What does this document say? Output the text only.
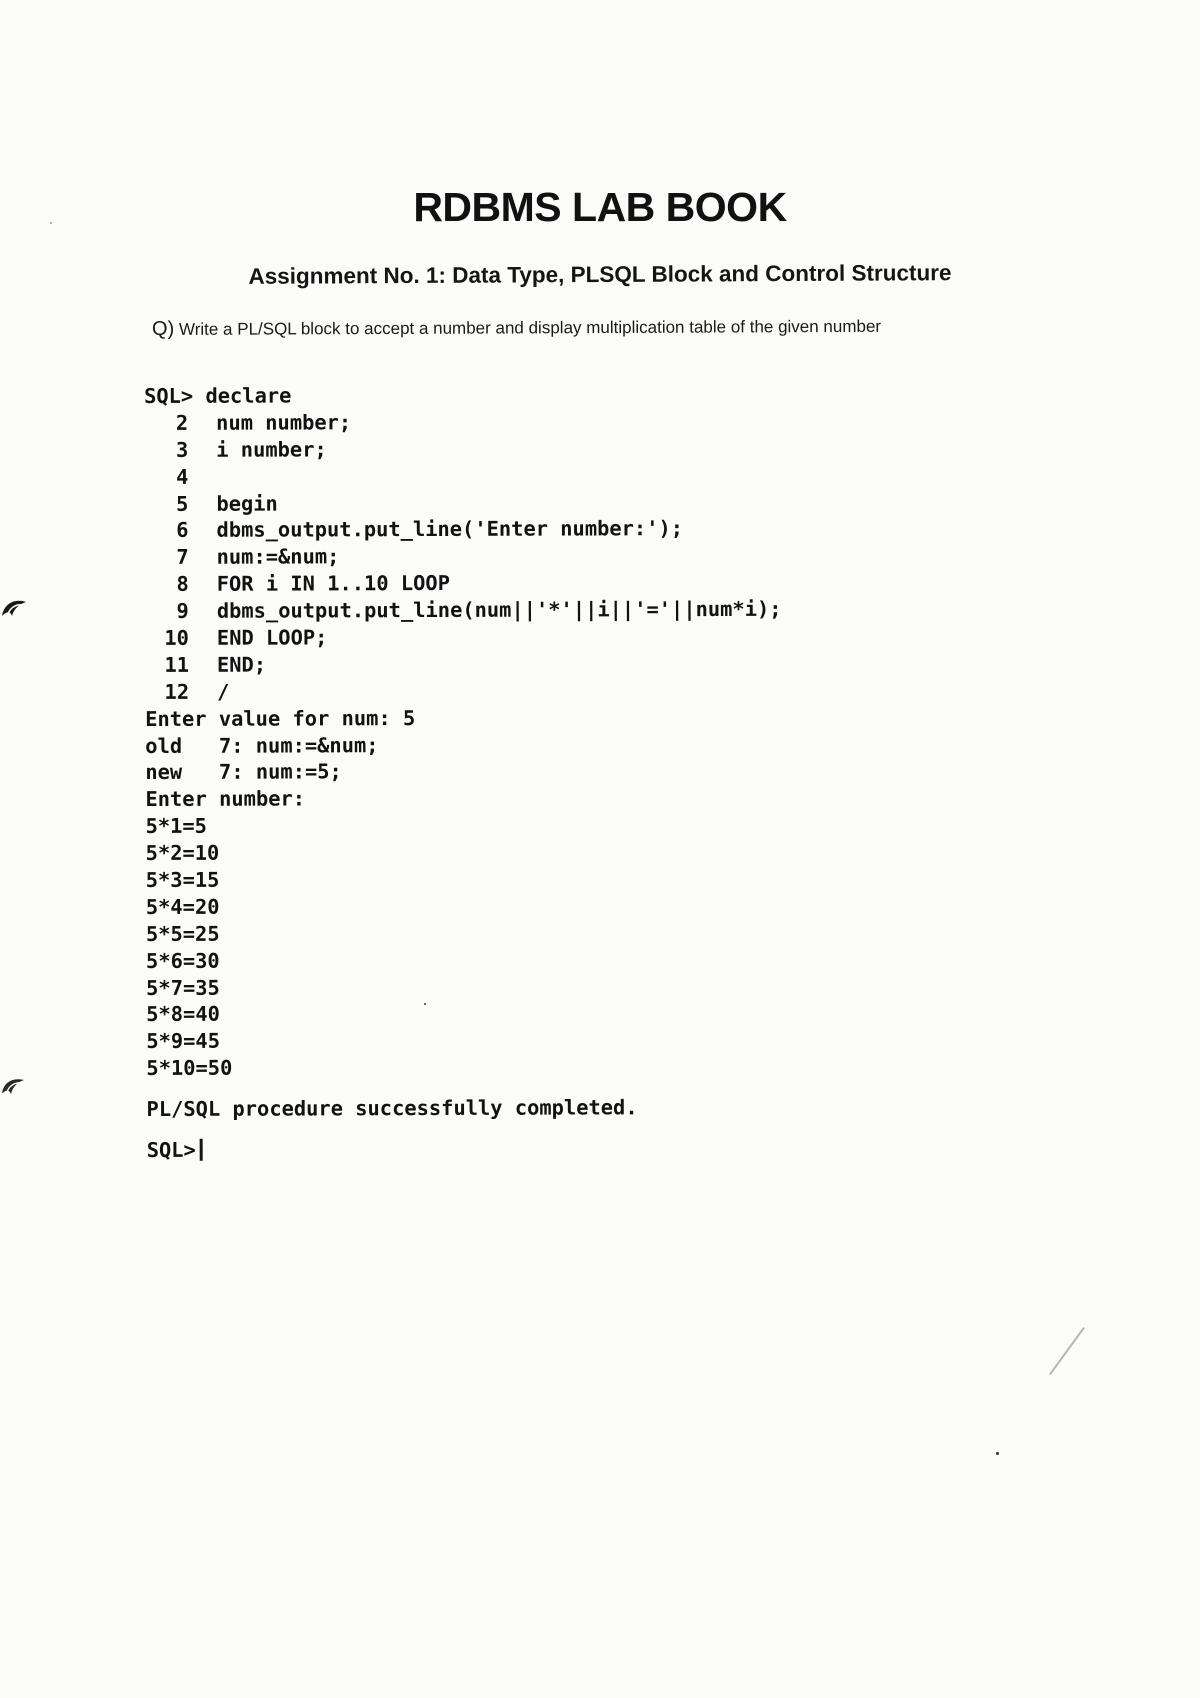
RDBMS LAB BOOK
Assignment No. 1: Data Type, PLSQL Block and Control Structure
Q) Write a PL/SQL block to accept a number and display multiplication table of the given number
SQL> declare
2 num number;
3 i number;
4
5 begin
6 dbms_output.put_line('Enter number:');
7 num:=&num;
8 FOR i IN 1..10 LOOP
9 dbms_output.put_line(num||'*'||i||'='||num*i);
10 END LOOP;
11 END;
12 /
Enter value for num: 5
old   7: num:=&num;
new   7: num:=5;
Enter number:
5*1=5
5*2=10
5*3=15
5*4=20
5*5=25
5*6=30
5*7=35
5*8=40
5*9=45
5*10=50
PL/SQL procedure successfully completed.
SQL>
